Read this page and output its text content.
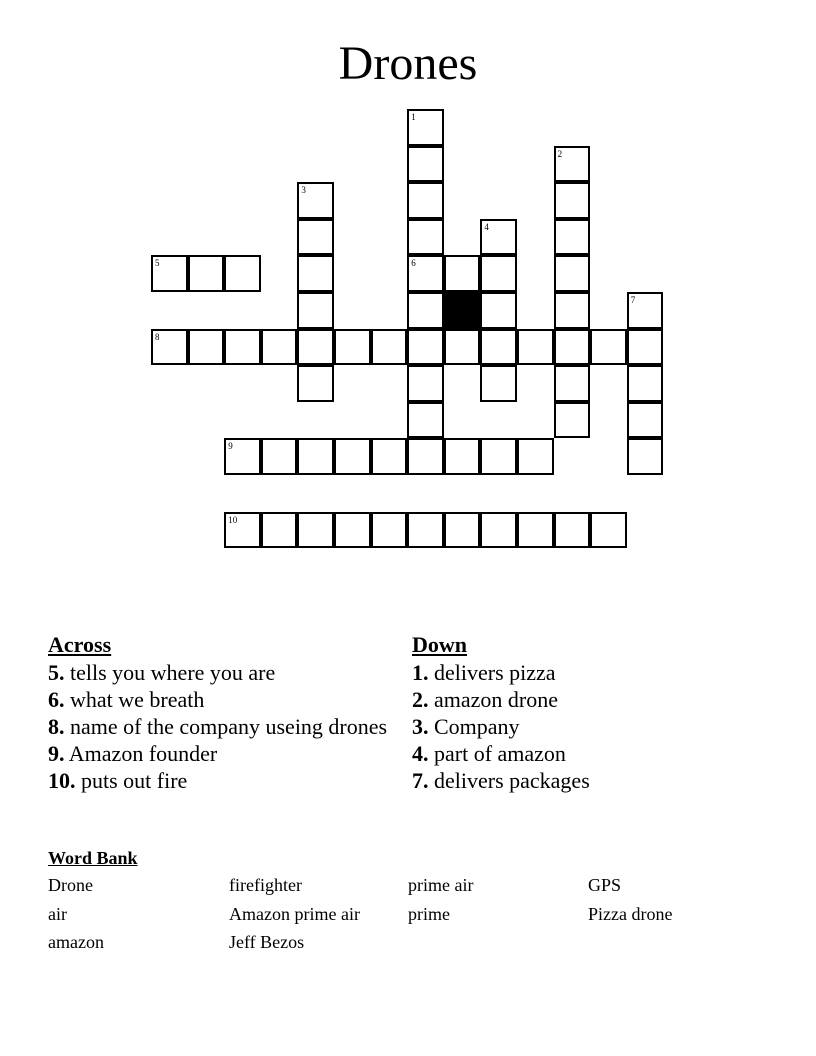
Drones
1
6
2
3
4
5
7
8
9
10
Across
5. tells you where you are
6. what we breath
8. name of the company useing drones
9. Amazon founder
10. puts out fire
Down
1. delivers pizza
2. amazon drone
3. Company
4. part of amazon
7. delivers packages
Word Bank
Drone	firefighter	prime air	GPS
air	Amazon prime air	prime	Pizza drone
amazon	Jeff Bezos
